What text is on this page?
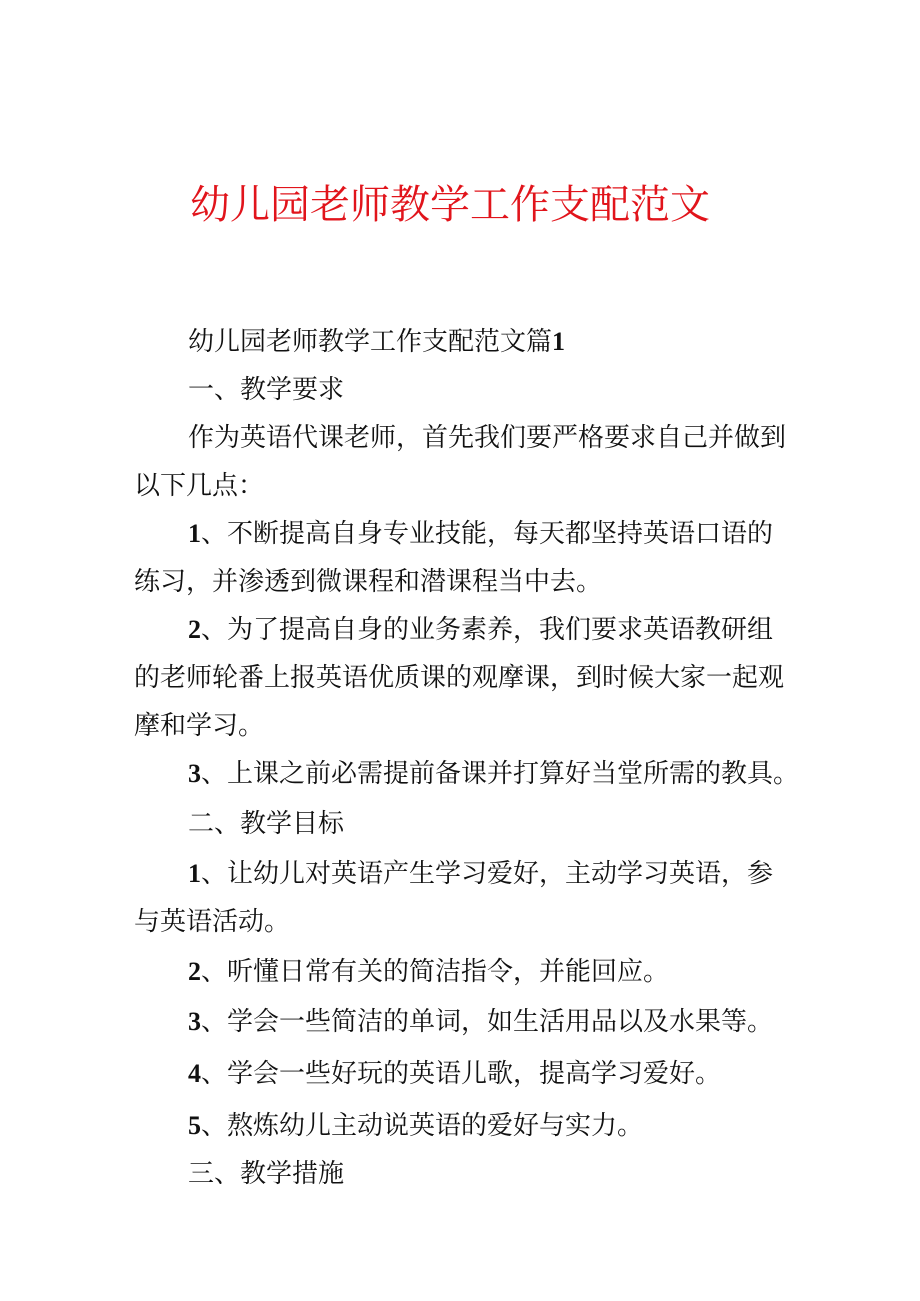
幼儿园老师教学工作支配范文

幼儿园老师教学工作支配范文篇1

一、教学要求

作为英语代课老师，首先我们要严格要求自己并做到

以下几点：

1、不断提高自身专业技能，每天都坚持英语口语的

练习，并渗透到微课程和潜课程当中去。

2、为了提高自身的业务素养，我们要求英语教研组

的老师轮番上报英语优质课的观摩课，到时候大家一起观

摩和学习。

3、上课之前必需提前备课并打算好当堂所需的教具。

二、教学目标

1、让幼儿对英语产生学习爱好，主动学习英语，参

与英语活动。

2、听懂日常有关的简洁指令，并能回应。

3、学会一些简洁的单词，如生活用品以及水果等。

4、学会一些好玩的英语儿歌，提高学习爱好。

5、熬炼幼儿主动说英语的爱好与实力。

三、教学措施
